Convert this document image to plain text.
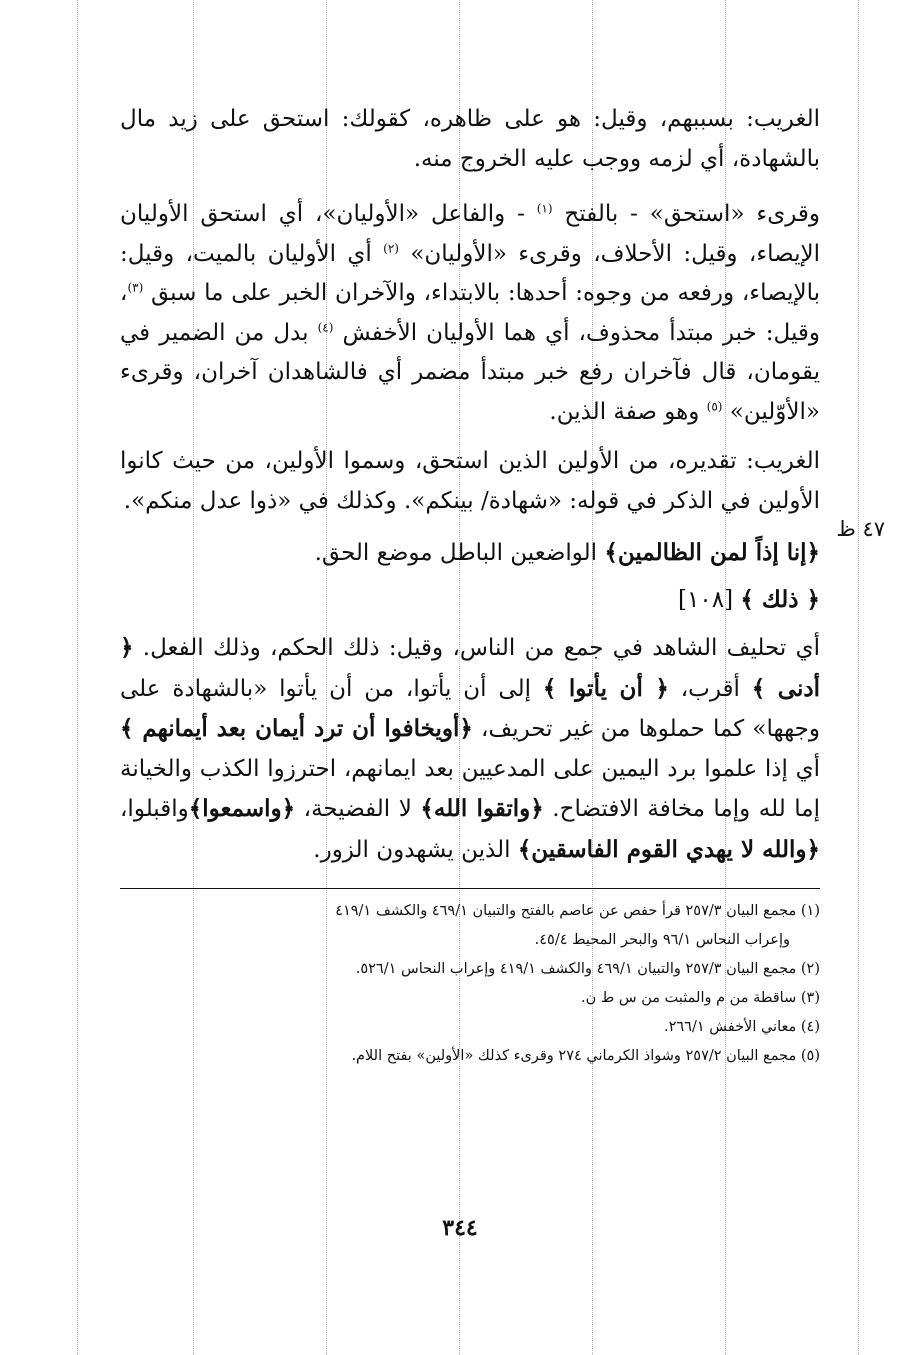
الغريب: بسببهم، وقيل: هو على ظاهره، كقولك: استحق على زيد مال بالشهادة، أي لزمه ووجب عليه الخروج منه.

وقرىء «استحق» - بالفتح $^{(١)}$ - والفاعل «الأوليان»، أي استحق الأوليان الإيصاء، وقيل: الأحلاف، وقرىء «الأوليان» $^{(٢)}$ أي الأوليان بالميت، وقيل: بالإيصاء، ورفعه من وجوه: أحدها: بالابتداء، والآخران الخبر على ما سبق $^{(٣)}$، وقيل: خبر مبتدأ محذوف، أي هما الأوليان الأخفش $^{(٤)}$ بدل من الضمير في يقومان، قال فآخران رفع خبر مبتدأ مضمر أي فالشاهدان آخران، وقرىء «الأوّلين» $^{(٥)}$ وهو صفة الذين.

الغريب: تقديره، من الأولين الذين استحق، وسموا الأولين، من حيث كانوا الأولين في الذكر في قوله: «شهادة/ بينكم». وكذلك في «ذوا عدل منكم».

﴿إنا إذاً لمن الظالمين﴾ الواضعين الباطل موضع الحق.

﴿ ذلك ﴾ [١٠٨]

أي تحليف الشاهد في جمع من الناس، وقيل: ذلك الحكم، وذلك الفعل. ﴿ أدنى ﴾ أقرب، ﴿ أن يأتوا ﴾ إلى أن يأتوا، من أن يأتوا «بالشهادة على وجهها» كما حملوها من غير تحريف، ﴿أويخافوا أن ترد أيمان بعد أيمانهم ﴾ أي إذا علموا برد اليمين على المدعيين بعد ايمانهم، احترزوا الكذب والخيانة إما لله وإما مخافة الافتضاح. ﴿واتقوا الله﴾ لا الفضيحة، ﴿واسمعوا﴾واقبلوا، ﴿والله لا يهدي القوم الفاسقين﴾ الذين يشهدون الزور.

(١) مجمع البيان ٢٥٧/٣ قرأ حفص عن عاصم بالفتح والتبيان ٤٦٩/١ والكشف ٤١٩/١

وإعراب النحاس ٩٦/١ والبحر المحيط ٤٥/٤.

(٢) مجمع البيان ٢٥٧/٣ والتبيان ٤٦٩/١ والكشف ٤١٩/١ وإعراب النحاس ٥٢٦/١.

(٣) ساقطة من م والمثبت من س ط ن.

(٤) معاني الأخفش ٢٦٦/١.

(٥) مجمع البيان ٢٥٧/٢ وشواذ الكرماني ٢٧٤ وقرىء كذلك «الأولين» بفتح اللام.

٤٧ ظ
٣٤٤
